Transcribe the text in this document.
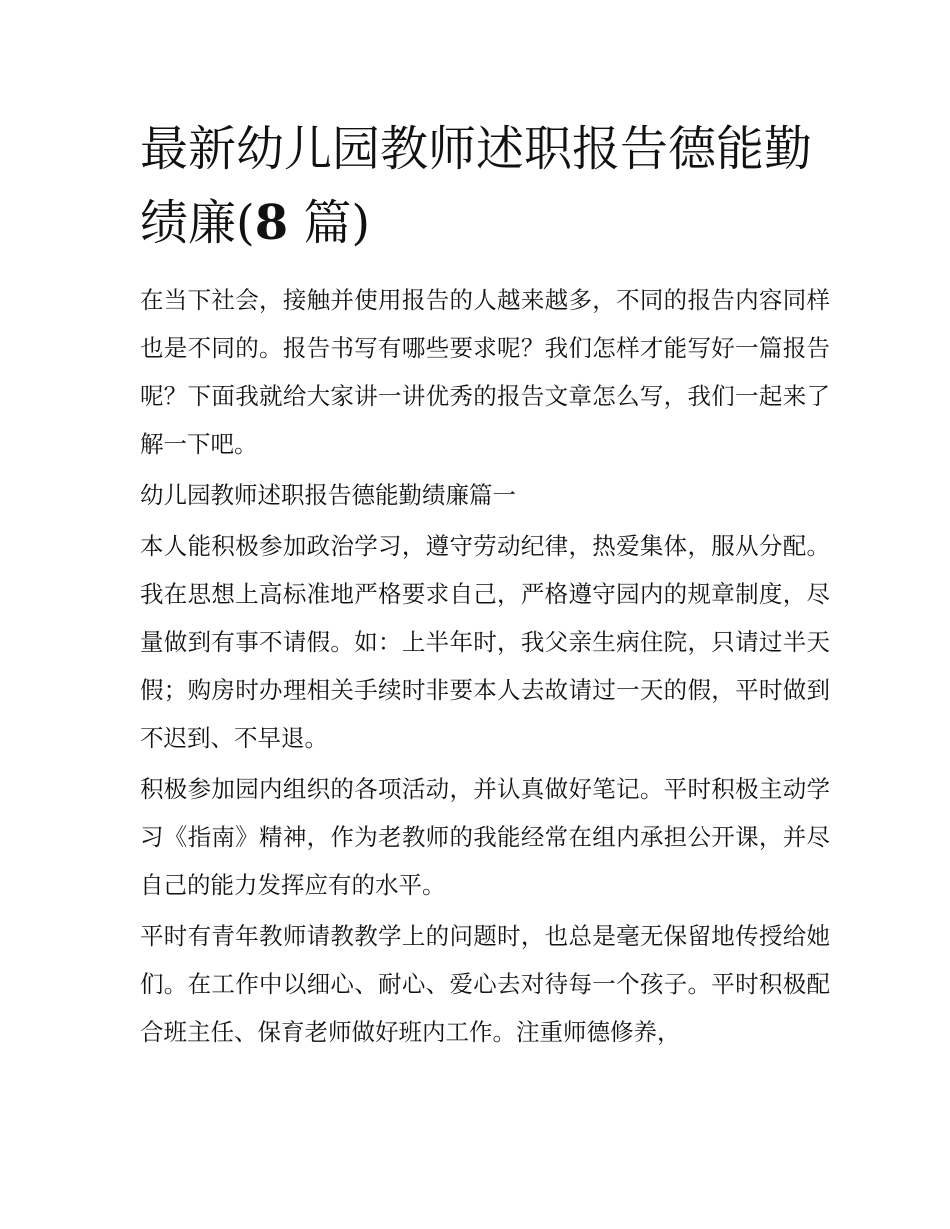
最新幼儿园教师述职报告德能勤绩廉(8 篇)

在当下社会，接触并使用报告的人越来越多，不同的报告内容同样也是不同的。报告书写有哪些要求呢？我们怎样才能写好一篇报告呢？下面我就给大家讲一讲优秀的报告文章怎么写，我们一起来了解一下吧。

幼儿园教师述职报告德能勤绩廉篇一

本人能积极参加政治学习，遵守劳动纪律，热爱集体，服从分配。我在思想上高标准地严格要求自己，严格遵守园内的规章制度，尽量做到有事不请假。如：上半年时，我父亲生病住院，只请过半天假；购房时办理相关手续时非要本人去故请过一天的假，平时做到不迟到、不早退。

积极参加园内组织的各项活动，并认真做好笔记。平时积极主动学习《指南》精神，作为老教师的我能经常在组内承担公开课，并尽自己的能力发挥应有的水平。

平时有青年教师请教教学上的问题时，也总是毫无保留地传授给她们。在工作中以细心、耐心、爱心去对待每一个孩子。平时积极配合班主任、保育老师做好班内工作。注重师德修养，
